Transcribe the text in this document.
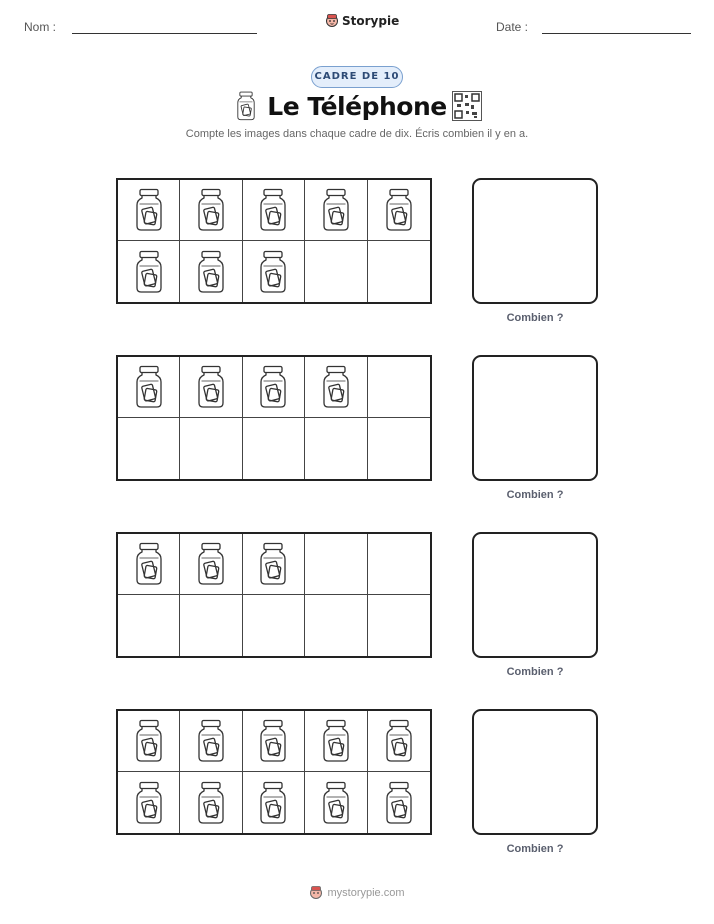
Nom :	Storypie	Date :
CADRE DE 10
Le Téléphone
Compte les images dans chaque cadre de dix. Écris combien il y en a.
Combien ?
Combien ?
Combien ?
Combien ?
mystorypie.com
